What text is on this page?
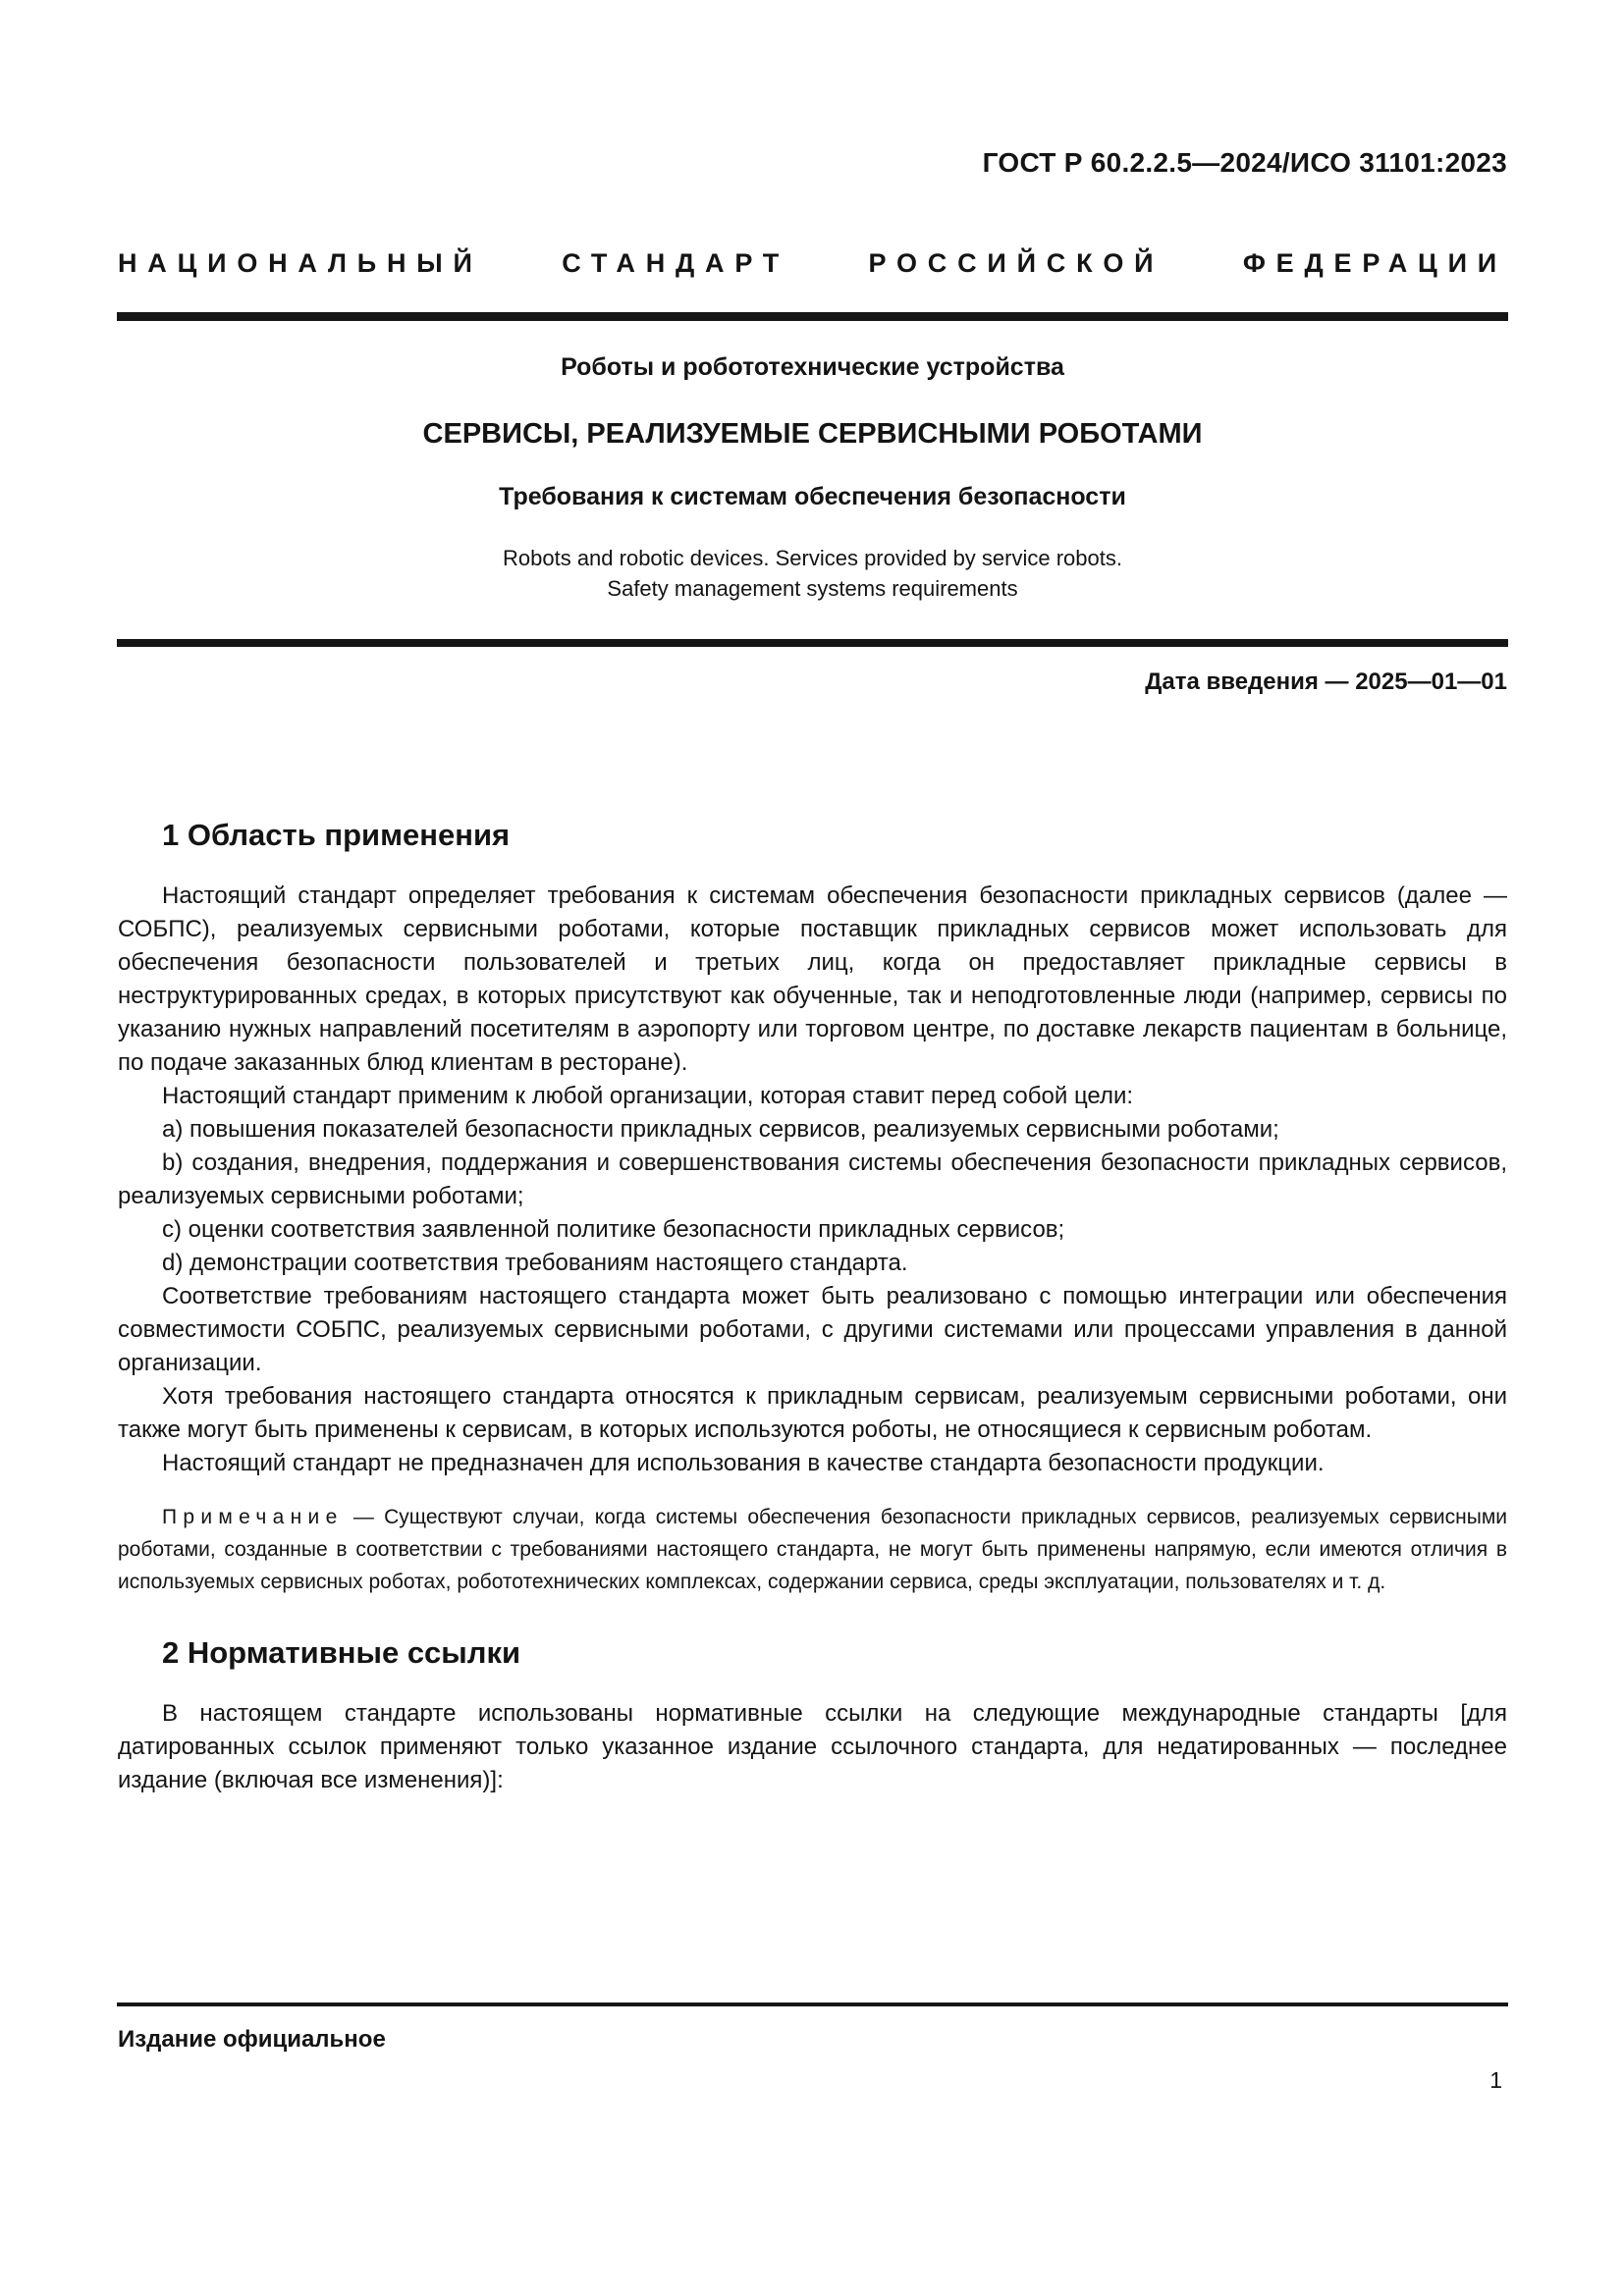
ГОСТ Р 60.2.2.5—2024/ИСО 31101:2023
НАЦИОНАЛЬНЫЙ СТАНДАРТ РОССИЙСКОЙ ФЕДЕРАЦИИ
Роботы и робототехнические устройства
СЕРВИСЫ, РЕАЛИЗУЕМЫЕ СЕРВИСНЫМИ РОБОТАМИ
Требования к системам обеспечения безопасности
Robots and robotic devices. Services provided by service robots.
Safety management systems requirements
Дата введения — 2025—01—01
1 Область применения

Настоящий стандарт определяет требования к системам обеспечения безопасности прикладных сервисов (далее — СОБПС), реализуемых сервисными роботами, которые поставщик прикладных сервисов может использовать для обеспечения безопасности пользователей и третьих лиц, когда он предоставляет прикладные сервисы в неструктурированных средах, в которых присутствуют как обученные, так и неподготовленные люди (например, сервисы по указанию нужных направлений посетителям в аэропорту или торговом центре, по доставке лекарств пациентам в больнице, по подаче заказанных блюд клиентам в ресторане).

Настоящий стандарт применим к любой организации, которая ставит перед собой цели:

a) повышения показателей безопасности прикладных сервисов, реализуемых сервисными роботами;

b) создания, внедрения, поддержания и совершенствования системы обеспечения безопасности прикладных сервисов, реализуемых сервисными роботами;

c) оценки соответствия заявленной политике безопасности прикладных сервисов;

d) демонстрации соответствия требованиям настоящего стандарта.

Соответствие требованиям настоящего стандарта может быть реализовано с помощью интеграции или обеспечения совместимости СОБПС, реализуемых сервисными роботами, с другими системами или процессами управления в данной организации.

Хотя требования настоящего стандарта относятся к прикладным сервисам, реализуемым сервисными роботами, они также могут быть применены к сервисам, в которых используются роботы, не относящиеся к сервисным роботам.

Настоящий стандарт не предназначен для использования в качестве стандарта безопасности продукции.

Примечание — Существуют случаи, когда системы обеспечения безопасности прикладных сервисов, реализуемых сервисными роботами, созданные в соответствии с требованиями настоящего стандарта, не могут быть применены напрямую, если имеются отличия в используемых сервисных роботах, робототехнических комплексах, содержании сервиса, среды эксплуатации, пользователях и т. д.

2 Нормативные ссылки

В настоящем стандарте использованы нормативные ссылки на следующие международные стандарты [для датированных ссылок применяют только указанное издание ссылочного стандарта, для недатированных — последнее издание (включая все изменения)]:

Издание официальное
1
